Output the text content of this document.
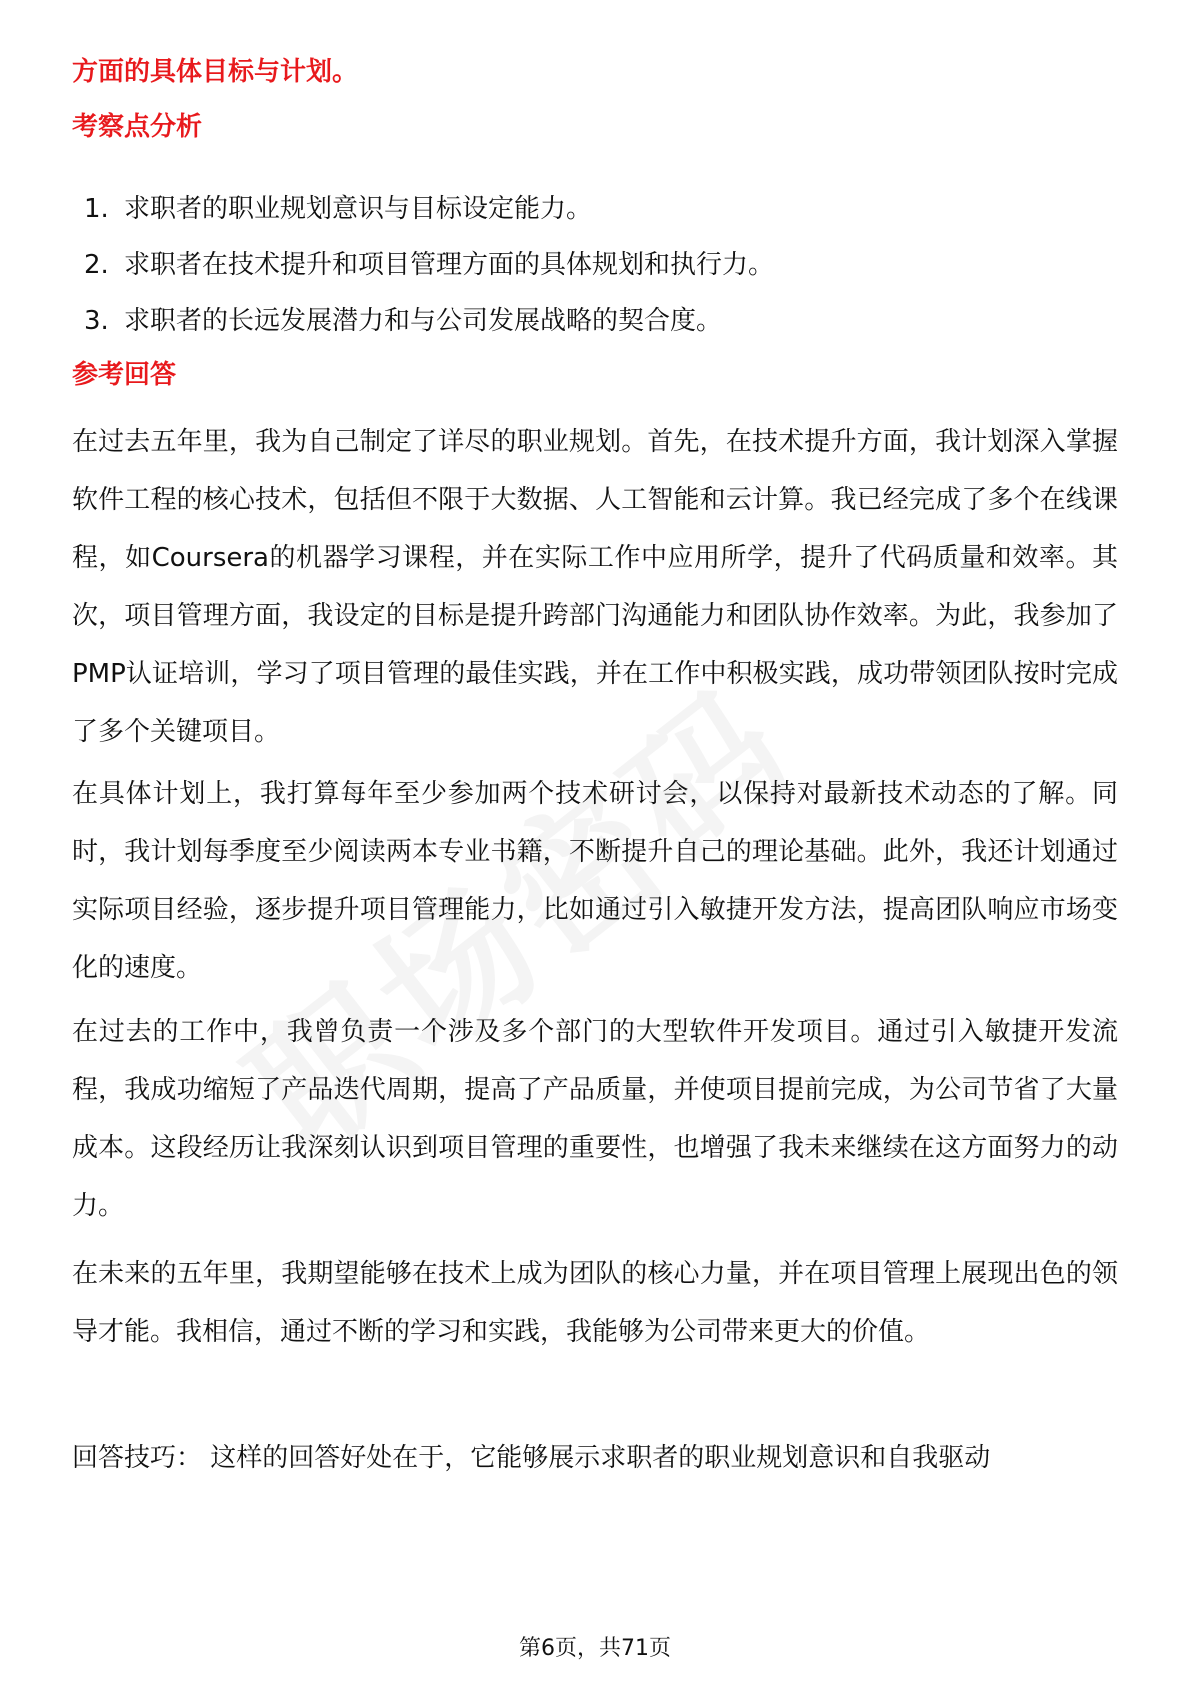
方面的具体目标与计划。
考察点分析
1. 求职者的职业规划意识与目标设定能力。
2. 求职者在技术提升和项目管理方面的具体规划和执行力。
3. 求职者的长远发展潜力和与公司发展战略的契合度。
参考回答

在过去五年里，我为自己制定了详尽的职业规划。首先，在技术提升方面，我计划深入掌握软件工程的核心技术，包括但不限于大数据、人工智能和云计算。我已经完成了多个在线课程，如Coursera的机器学习课程，并在实际工作中应用所学，提升了代码质量和效率。其次，项目管理方面，我设定的目标是提升跨部门沟通能力和团队协作效率。为此，我参加了PMP认证培训，学习了项目管理的最佳实践，并在工作中积极实践，成功带领团队按时完成了多个关键项目。

在具体计划上，我打算每年至少参加两个技术研讨会，以保持对最新技术动态的了解。同时，我计划每季度至少阅读两本专业书籍，不断提升自己的理论基础。此外，我还计划通过实际项目经验，逐步提升项目管理能力，比如通过引入敏捷开发方法，提高团队响应市场变化的速度。

在过去的工作中，我曾负责一个涉及多个部门的大型软件开发项目。通过引入敏捷开发流程，我成功缩短了产品迭代周期，提高了产品质量，并使项目提前完成，为公司节省了大量成本。这段经历让我深刻认识到项目管理的重要性，也增强了我未来继续在这方面努力的动力。

在未来的五年里，我期望能够在技术上成为团队的核心力量，并在项目管理上展现出色的领导才能。我相信，通过不断的学习和实践，我能够为公司带来更大的价值。

回答技巧： 这样的回答好处在于，它能够展示求职者的职业规划意识和自我驱动

第6页，共71页
